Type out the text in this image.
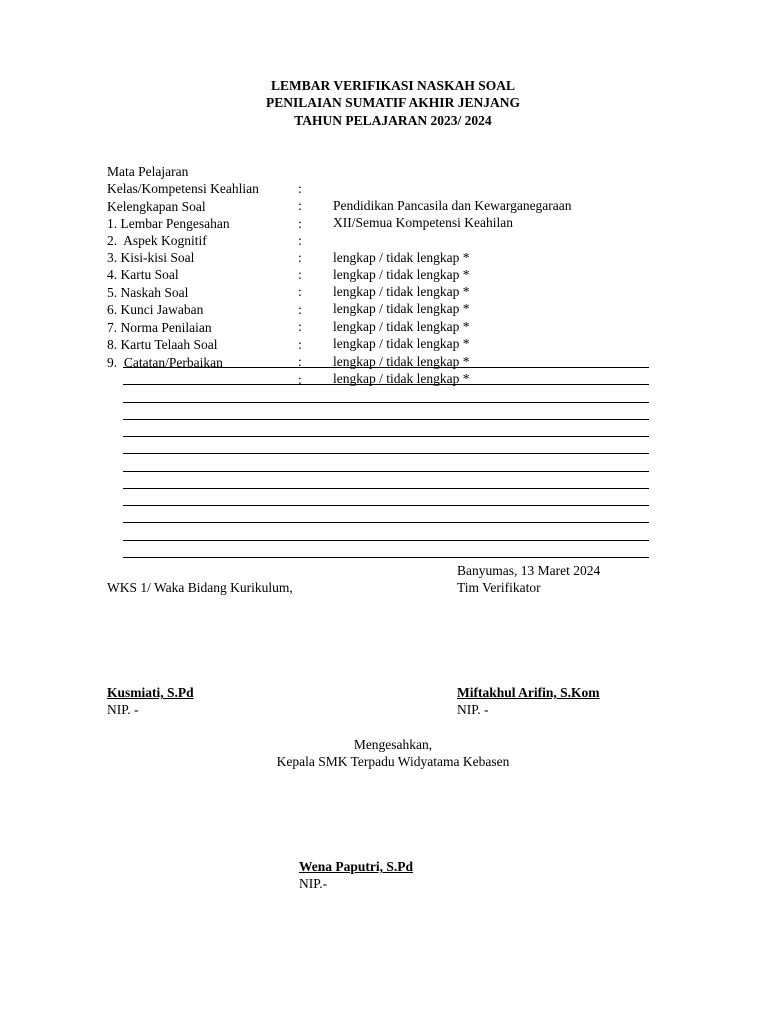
LEMBAR VERIFIKASI NASKAH SOAL
PENILAIAN SUMATIF AKHIR JENJANG
TAHUN PELAJARAN 2023/ 2024

Mata Pelajaran

:

Pendidikan Pancasila dan Kewarganegaraan

Kelas/Kompetensi Keahlian

:

XII/Semua Kompetensi Keahilan

Kelengkapan Soal

:

1. Lembar Pengesahan

:

lengkap / tidak lengkap *

2.  Aspek Kognitif

:

lengkap / tidak lengkap *

3. Kisi-kisi Soal

:

lengkap / tidak lengkap *

4. Kartu Soal

:

lengkap / tidak lengkap *

5. Naskah Soal

:

lengkap / tidak lengkap *

6. Kunci Jawaban

:

lengkap / tidak lengkap *

7. Norma Penilaian

:

lengkap / tidak lengkap *

8. Kartu Telaah Soal

:

lengkap / tidak lengkap *

9.  Catatan/Perbaikan

:

Banyumas, 13 Maret 2024
WKS 1/ Waka Bidang Kurikulum,	Tim Verifikator
Kusmiati, S.Pd
NIP. -
Miftakhul Arifin, S.Kom
NIP. -
Mengesahkan,
Kepala SMK Terpadu Widyatama Kebasen
Wena Paputri, S.Pd
NIP.-
